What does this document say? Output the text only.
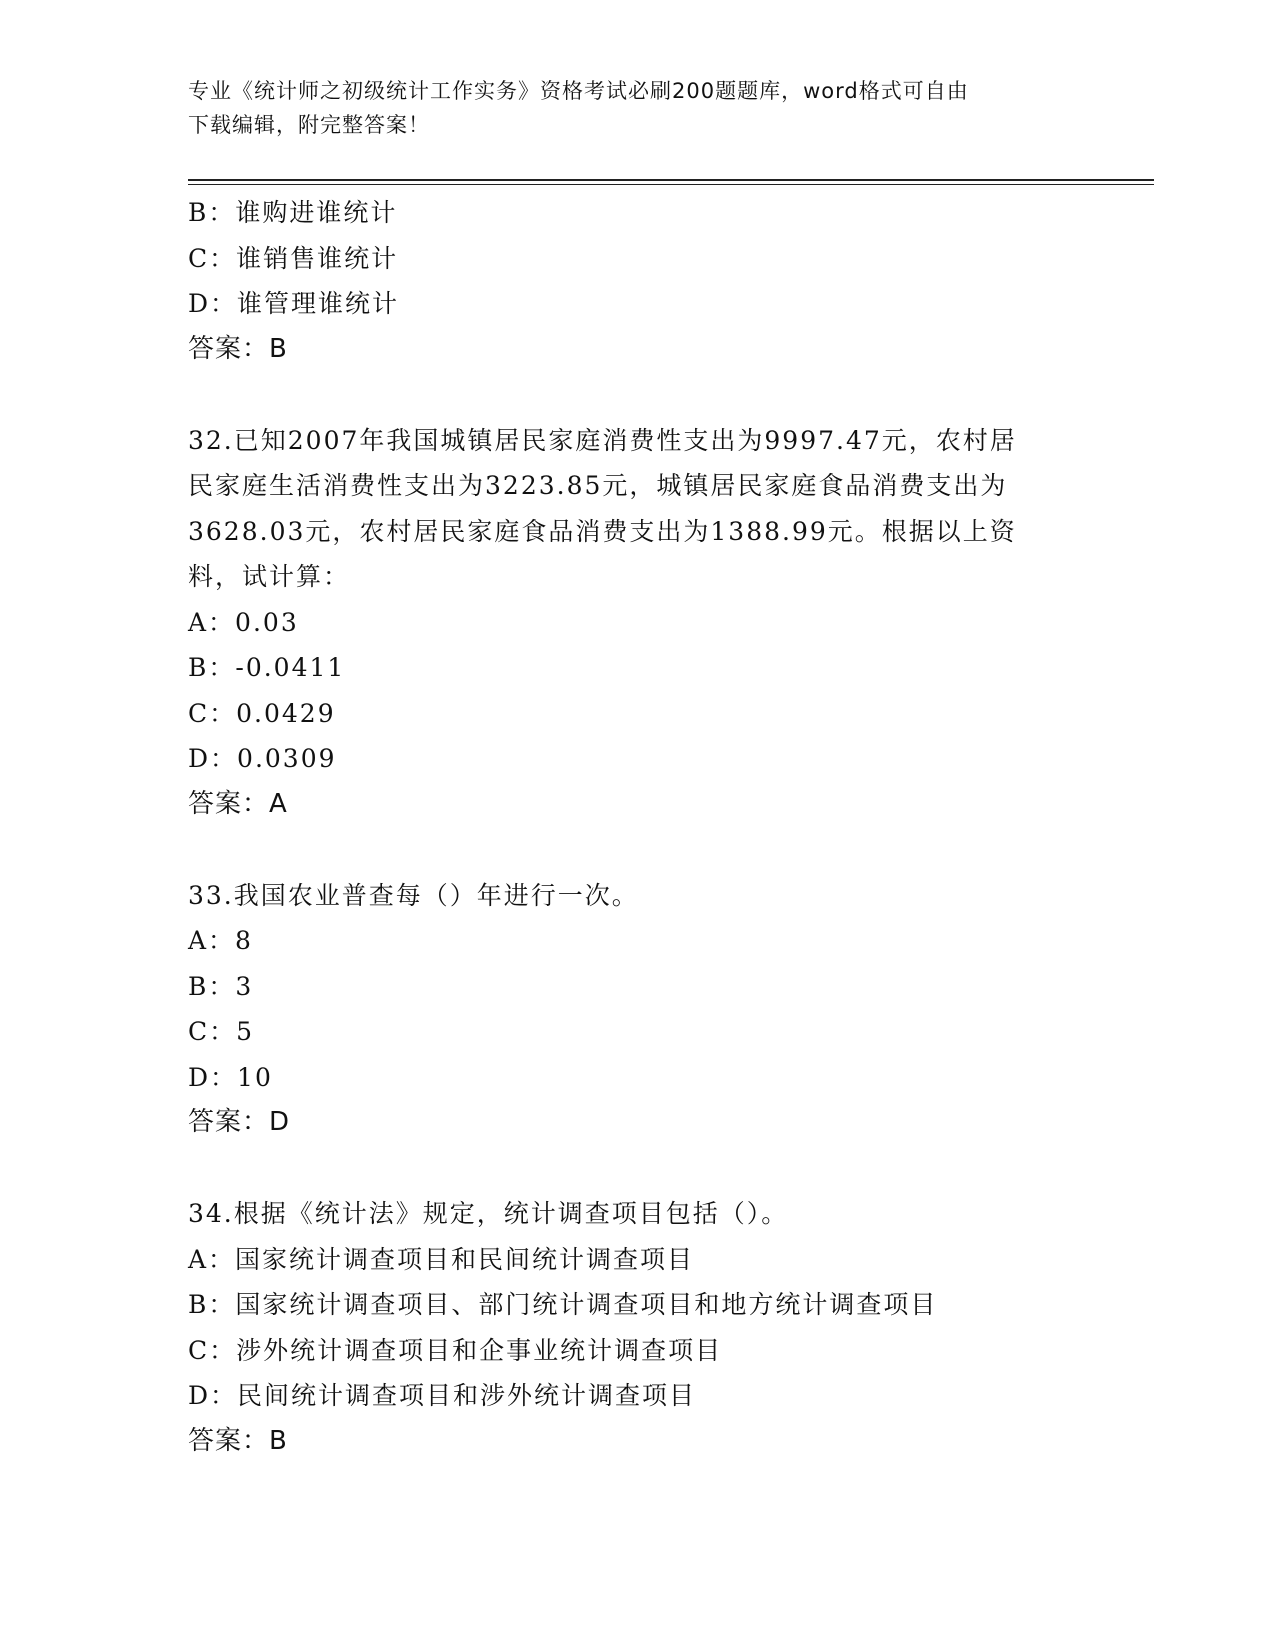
专业《统计师之初级统计工作实务》资格考试必刷200题题库，word格式可自由
下载编辑，附完整答案！
B：谁购进谁统计
C：谁销售谁统计
D：谁管理谁统计
答案：B
32.已知2007年我国城镇居民家庭消费性支出为9997.47元，农村居
民家庭生活消费性支出为3223.85元，城镇居民家庭食品消费支出为
3628.03元，农村居民家庭食品消费支出为1388.99元。根据以上资
料，试计算：
A：0.03
B：-0.0411
C：0.0429
D：0.0309
答案：A
33.我国农业普查每（）年进行一次。
A：8
B：3
C：5
D：10
答案：D
34.根据《统计法》规定，统计调查项目包括（）。
A：国家统计调查项目和民间统计调查项目
B：国家统计调查项目、部门统计调查项目和地方统计调查项目
C：涉外统计调查项目和企事业统计调查项目
D：民间统计调查项目和涉外统计调查项目
答案：B
